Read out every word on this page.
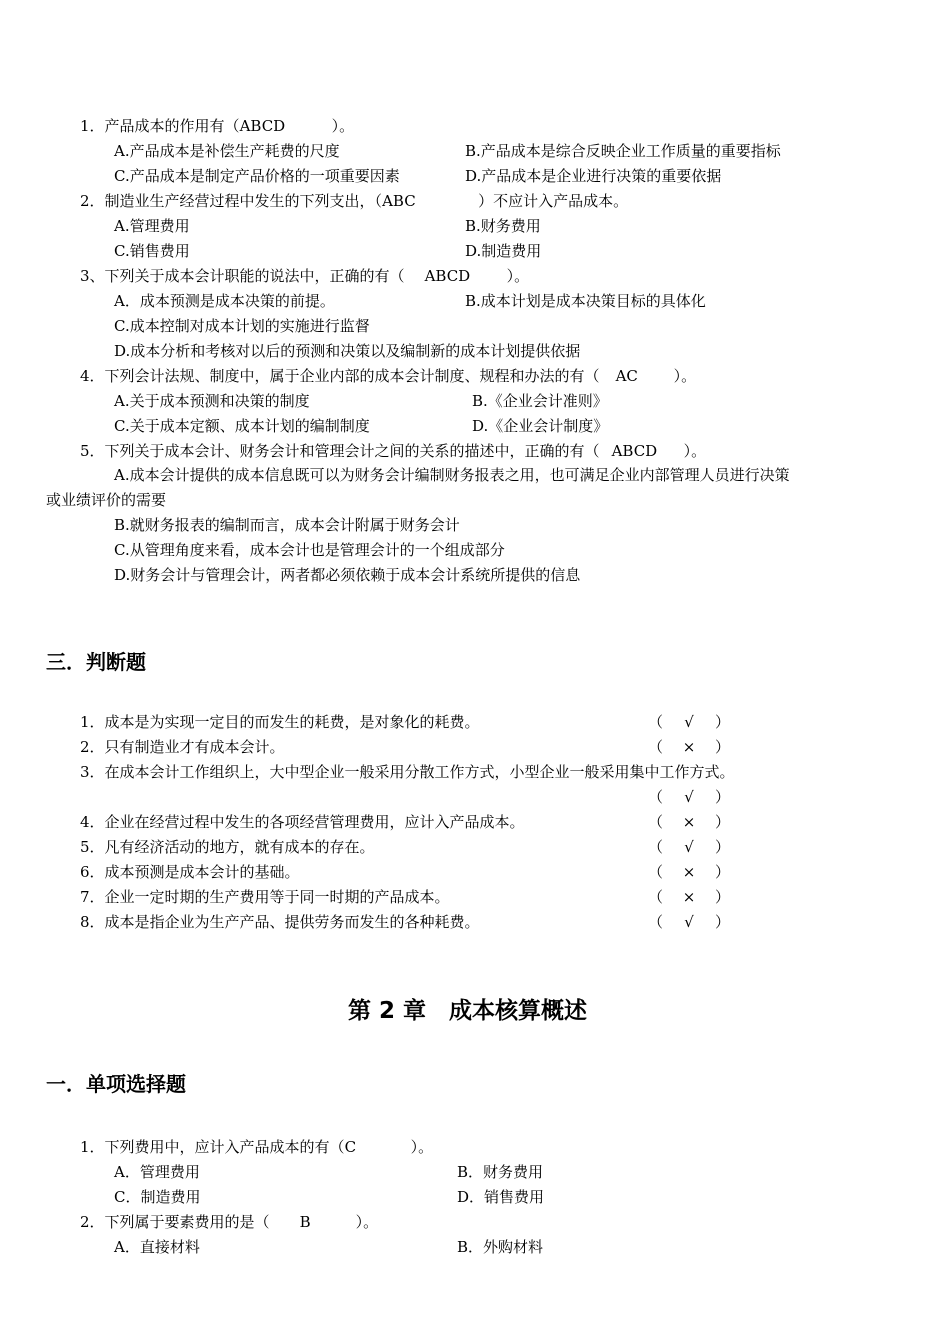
1．产品成本的作用有（ABCD	）。
A.产品成本是补偿生产耗费的尺度	B.产品成本是综合反映企业工作质量的重要指标
C.产品成本是制定产品价格的一项重要因素	D.产品成本是企业进行决策的重要依据
2．制造业生产经营过程中发生的下列支出，（ABC	）不应计入产品成本。
A.管理费用	B.财务费用
C.销售费用	D.制造费用
3、下列关于成本会计职能的说法中，正确的有（ ABCD ）。
A．成本预测是成本决策的前提。	B.成本计划是成本决策目标的具体化
C.成本控制对成本计划的实施进行监督
D.成本分析和考核对以后的预测和决策以及编制新的成本计划提供依据
4．下列会计法规、制度中，属于企业内部的成本会计制度、规程和办法的有（ AC ）。
A.关于成本预测和决策的制度	B.《企业会计准则》
C.关于成本定额、成本计划的编制制度	D.《企业会计制度》
5．下列关于成本会计、财务会计和管理会计之间的关系的描述中，正确的有（ ABCD ）。
A.成本会计提供的成本信息既可以为财务会计编制财务报表之用，也可满足企业内部管理人员进行决策
或业绩评价的需要
B.就财务报表的编制而言，成本会计附属于财务会计
C.从管理角度来看，成本会计也是管理会计的一个组成部分
D.财务会计与管理会计，两者都必须依赖于成本会计系统所提供的信息
三．判断题
1．成本是为实现一定目的而发生的耗费，是对象化的耗费。	（ √ ）
2．只有制造业才有成本会计。	（ × ）
3．在成本会计工作组织上，大中型企业一般采用分散工作方式，小型企业一般采用集中工作方式。
（ √ ）
4．企业在经营过程中发生的各项经营管理费用，应计入产品成本。	（ × ）
5．凡有经济活动的地方，就有成本的存在。	（ √ ）
6．成本预测是成本会计的基础。	（ × ）
7．企业一定时期的生产费用等于同一时期的产品成本。	（ × ）
8．成本是指企业为生产产品、提供劳务而发生的各种耗费。	（ √ ）
第 2 章　成本核算概述
一．单项选择题
1．下列费用中，应计入产品成本的有（C	）。
A．管理费用	B．财务费用
C．制造费用	D．销售费用
2．下列属于要素费用的是（ B	）。
A．直接材料	B．外购材料
